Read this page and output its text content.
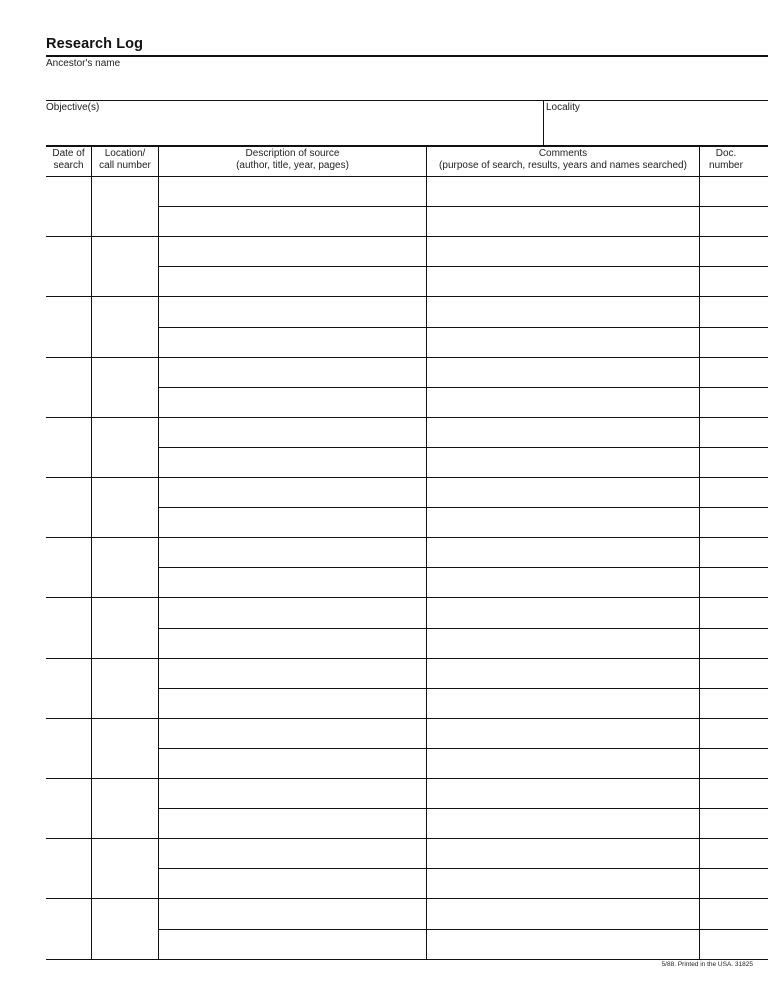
Research Log
Ancestor's name
Objective(s)	Locality
Date of
search
Location/
call number
Description of source
(author, title, year, pages)
Comments
(purpose of search, results, years and names searched)
Doc.
number
5/88. Printed in the USA. 31825
